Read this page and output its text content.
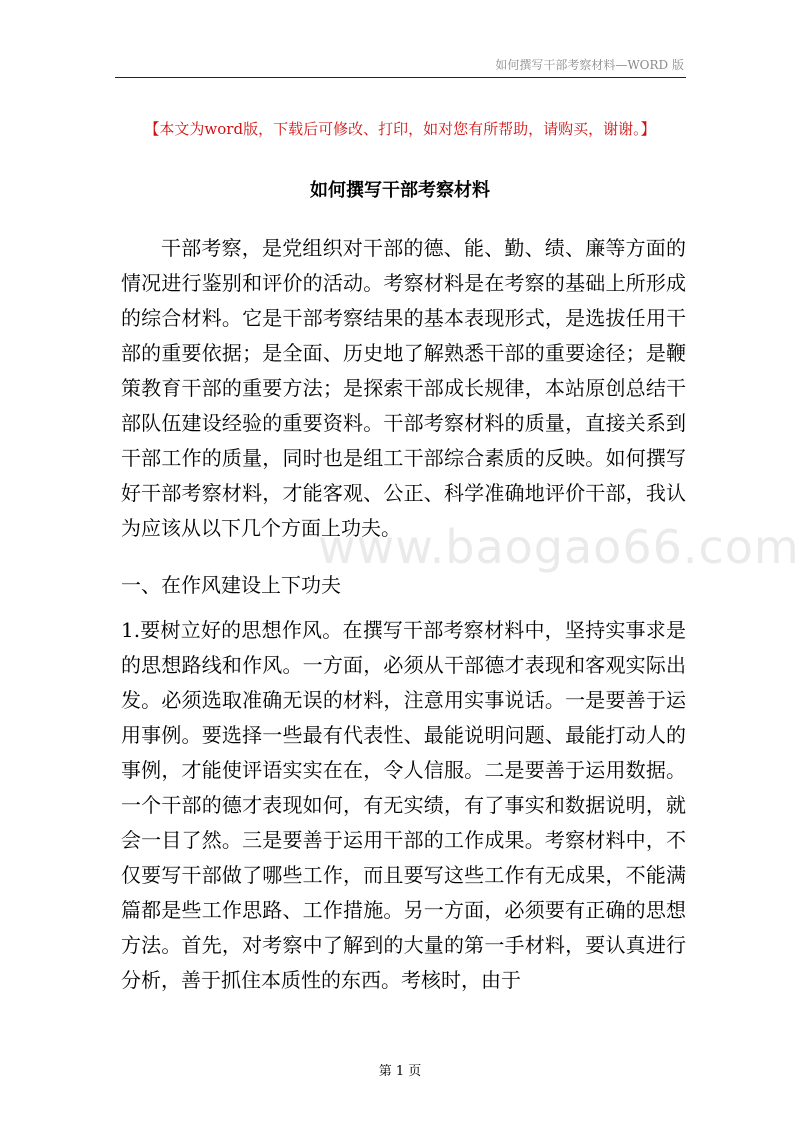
如何撰写干部考察材料—WORD 版
【本文为word版，下载后可修改、打印，如对您有所帮助，请购买，谢谢。】
如何撰写干部考察材料

干部考察，是党组织对干部的德、能、勤、绩、廉等方面的情况进行鉴别和评价的活动。考察材料是在考察的基础上所形成的综合材料。它是干部考察结果的基本表现形式，是选拔任用干部的重要依据；是全面、历史地了解熟悉干部的重要途径；是鞭策教育干部的重要方法；是探索干部成长规律，本站原创总结干部队伍建设经验的重要资料。干部考察材料的质量，直接关系到干部工作的质量，同时也是组工干部综合素质的反映。如何撰写好干部考察材料，才能客观、公正、科学准确地评价干部，我认为应该从以下几个方面上功夫。

www.baogao66.com

一、在作风建设上下功夫

1.要树立好的思想作风。在撰写干部考察材料中，坚持实事求是的思想路线和作风。一方面，必须从干部德才表现和客观实际出发。必须选取准确无误的材料，注意用实事说话。一是要善于运用事例。要选择一些最有代表性、最能说明问题、最能打动人的事例，才能使评语实实在在，令人信服。二是要善于运用数据。一个干部的德才表现如何，有无实绩，有了事实和数据说明，就会一目了然。三是要善于运用干部的工作成果。考察材料中，不仅要写干部做了哪些工作，而且要写这些工作有无成果，不能满篇都是些工作思路、工作措施。另一方面，必须要有正确的思想方法。首先，对考察中了解到的大量的第一手材料，要认真进行分析，善于抓住本质性的东西。考核时，由于

第 1 页
